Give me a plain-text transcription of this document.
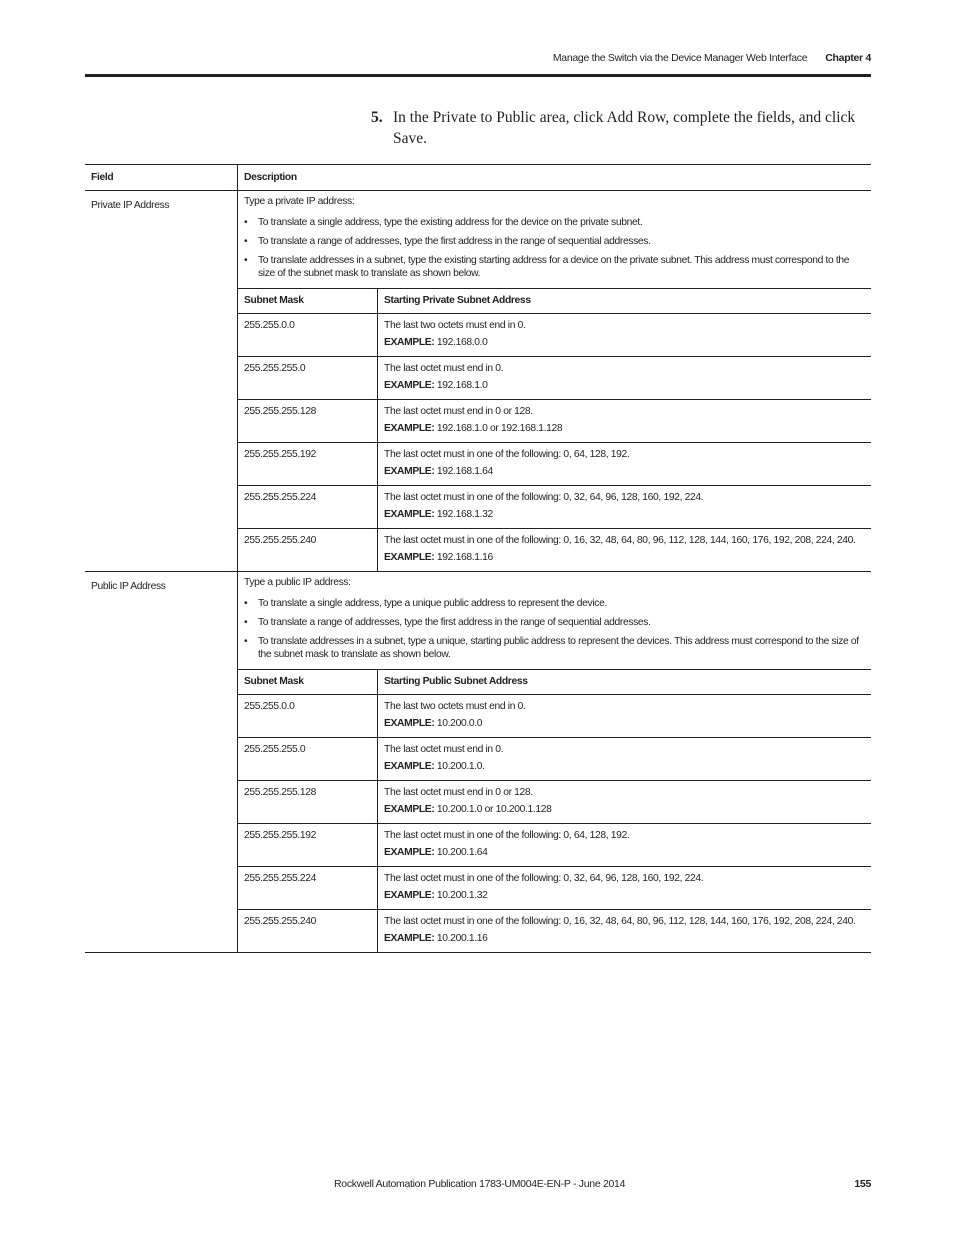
Manage the Switch via the Device Manager Web Interface Chapter 4
5. In the Private to Public area, click Add Row, complete the fields, and click Save.
Field	Description
Private IP Address	Type a private IP address:
• To translate a single address, type the existing address for the device on the private subnet.
• To translate a range of addresses, type the first address in the range of sequential addresses.
• To translate addresses in a subnet, type the existing starting address for a device on the private subnet. This address must correspond to the size of the subnet mask to translate as shown below.
Subnet Mask	Starting Private Subnet Address
255.255.0.0	The last two octets must end in 0.
EXAMPLE: 192.168.0.0

255.255.255.0	The last octet must end in 0.
EXAMPLE: 192.168.1.0

255.255.255.128	The last octet must end in 0 or 128.
EXAMPLE: 192.168.1.0 or 192.168.1.128

255.255.255.192	The last octet must in one of the following: 0, 64, 128, 192.
EXAMPLE: 192.168.1.64

255.255.255.224	The last octet must in one of the following: 0, 32, 64, 96, 128, 160, 192, 224.
EXAMPLE: 192.168.1.32

255.255.255.240	The last octet must in one of the following: 0, 16, 32, 48, 64, 80, 96, 112, 128, 144, 160, 176, 192, 208, 224, 240.
EXAMPLE: 192.168.1.16

Public IP Address	Type a public IP address:
• To translate a single address, type a unique public address to represent the device.
• To translate a range of addresses, type the first address in the range of sequential addresses.
• To translate addresses in a subnet, type a unique, starting public address to represent the devices. This address must correspond to the size of the subnet mask to translate as shown below.
Subnet Mask	Starting Public Subnet Address
255.255.0.0	The last two octets must end in 0.
EXAMPLE: 10.200.0.0

255.255.255.0	The last octet must end in 0.
EXAMPLE: 10.200.1.0.

255.255.255.128	The last octet must end in 0 or 128.
EXAMPLE: 10.200.1.0 or 10.200.1.128

255.255.255.192	The last octet must in one of the following: 0, 64, 128, 192.
EXAMPLE: 10.200.1.64

255.255.255.224	The last octet must in one of the following: 0, 32, 64, 96, 128, 160, 192, 224.
EXAMPLE: 10.200.1.32

255.255.255.240	The last octet must in one of the following: 0, 16, 32, 48, 64, 80, 96, 112, 128, 144, 160, 176, 192, 208, 224, 240.
EXAMPLE: 10.200.1.16
Rockwell Automation Publication 1783-UM004E-EN-P - June 2014	155
